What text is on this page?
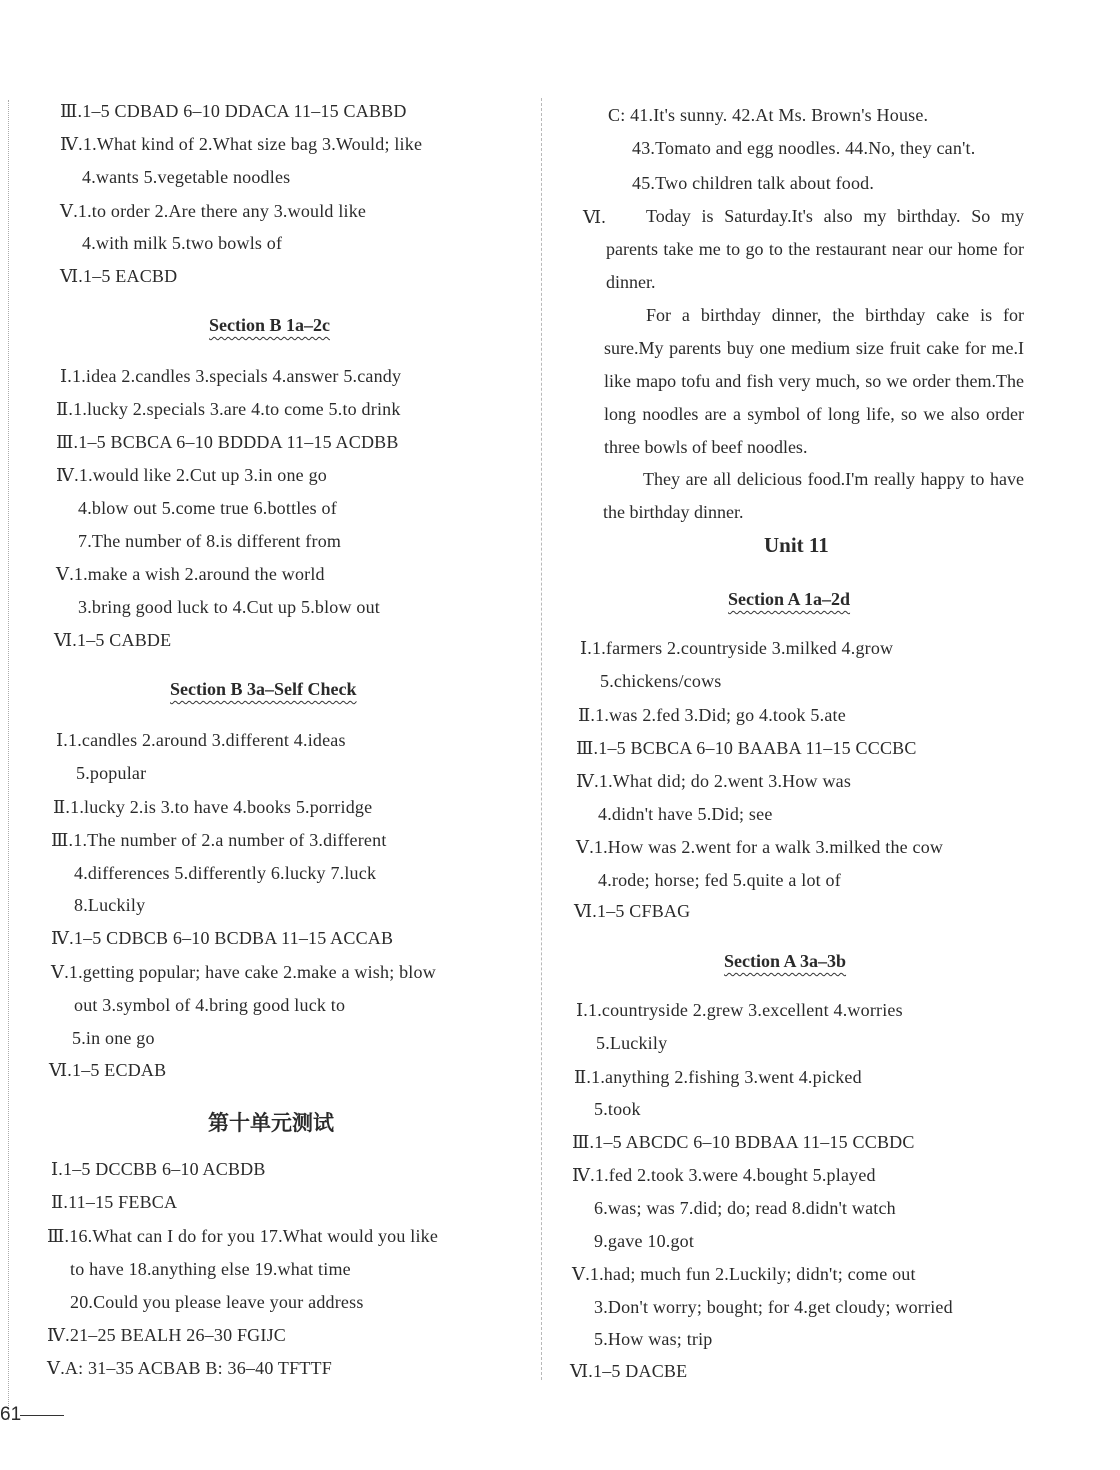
Ⅲ.1–5 CDBAD 6–10 DDACA 11–15 CABBD
Ⅳ.1.What kind of 2.What size bag 3.Would; like
4.wants 5.vegetable noodles
Ⅴ.1.to order 2.Are there any 3.would like
4.with milk 5.two bowls of
Ⅵ.1–5 EACBD
Section B 1a–2c
Ⅰ.1.idea 2.candles 3.specials 4.answer 5.candy
Ⅱ.1.lucky 2.specials 3.are 4.to come 5.to drink
Ⅲ.1–5 BCBCA 6–10 BDDDA 11–15 ACDBB
Ⅳ.1.would like 2.Cut up 3.in one go
4.blow out 5.come true 6.bottles of
7.The number of 8.is different from
Ⅴ.1.make a wish 2.around the world
3.bring good luck to 4.Cut up 5.blow out
Ⅵ.1–5 CABDE
Section B 3a–Self Check
Ⅰ.1.candles 2.around 3.different 4.ideas
5.popular
Ⅱ.1.lucky 2.is 3.to have 4.books 5.porridge
Ⅲ.1.The number of 2.a number of 3.different
4.differences 5.differently 6.lucky 7.luck
8.Luckily
Ⅳ.1–5 CDBCB 6–10 BCDBA 11–15 ACCAB
Ⅴ.1.getting popular; have cake 2.make a wish; blow
out 3.symbol of 4.bring good luck to
5.in one go
Ⅵ.1–5 ECDAB
第十单元测试
Ⅰ.1–5 DCCBB 6–10 ACBDB
Ⅱ.11–15 FEBCA
Ⅲ.16.What can I do for you 17.What would you like
to have 18.anything else 19.what time
20.Could you please leave your address
Ⅳ.21–25 BEALH 26–30 FGIJC
Ⅴ.A: 31–35 ACBAB B: 36–40 TFTTF
C: 41.It's sunny. 42.At Ms. Brown's House.
43.Tomato and egg noodles. 44.No, they can't.
45.Two children talk about food.
Ⅵ.	Today is Saturday.It's also my birthday. So my parents take me to go to the restaurant near our home for dinner.
For a birthday dinner, the birthday cake is for sure.My parents buy one medium size fruit cake for me.I like mapo tofu and fish very much, so we order them.The long noodles are a symbol of long life, so we also order three bowls of beef noodles.
They are all delicious food.I'm really happy to have the birthday dinner.
Unit 11
Section A 1a–2d
Ⅰ.1.farmers 2.countryside 3.milked 4.grow
5.chickens/cows
Ⅱ.1.was 2.fed 3.Did; go 4.took 5.ate
Ⅲ.1–5 BCBCA 6–10 BAABA 11–15 CCCBC
Ⅳ.1.What did; do 2.went 3.How was
4.didn't have 5.Did; see
Ⅴ.1.How was 2.went for a walk 3.milked the cow
4.rode; horse; fed 5.quite a lot of
Ⅵ.1–5 CFBAG
Section A 3a–3b
Ⅰ.1.countryside 2.grew 3.excellent 4.worries
5.Luckily
Ⅱ.1.anything 2.fishing 3.went 4.picked
5.took
Ⅲ.1–5 ABCDC 6–10 BDBAA 11–15 CCBDC
Ⅳ.1.fed 2.took 3.were 4.bought 5.played
6.was; was 7.did; do; read 8.didn't watch
9.gave 10.got
Ⅴ.1.had; much fun 2.Luckily; didn't; come out
3.Don't worry; bought; for 4.get cloudy; worried
5.How was; trip
Ⅵ.1–5 DACBE
61
